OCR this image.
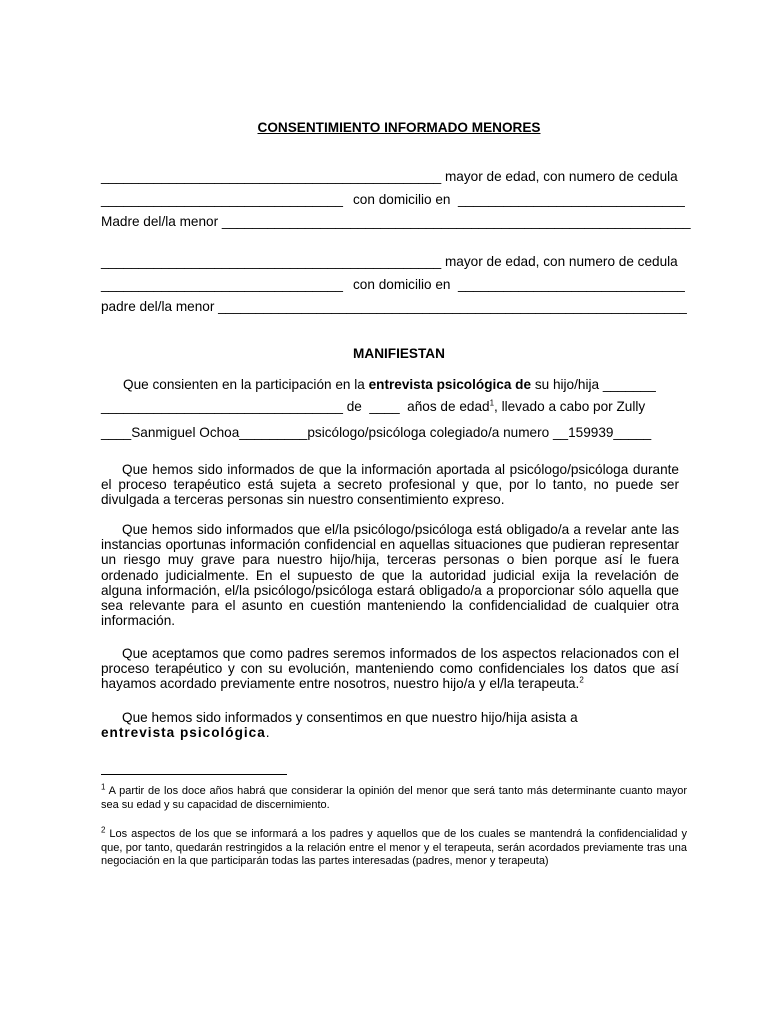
CONSENTIMIENTO INFORMADO MENORES
_____________________________________________ mayor de edad, con numero de cedula
________________________________ con domicilio en  ______________________________
Madre del/la menor ______________________________________________________________
_____________________________________________ mayor de edad, con numero de cedula
________________________________ con domicilio en  ______________________________
padre del/la menor ______________________________________________________________
MANIFIESTAN
Que consienten en la participación en la entrevista psicológica de su hijo/hija _______
________________________________ de  ____  años de edad$^1$, llevado a cabo por Zully
____Sanmiguel Ochoa_________psicólogo/psicóloga colegiado/a numero __159939_____
Que hemos sido informados de que la información aportada al psicólogo/psicóloga durante el proceso terapéutico está sujeta a secreto profesional y que, por lo tanto, no puede ser divulgada a terceras personas sin nuestro consentimiento expreso.
Que hemos sido informados que el/la psicólogo/psicóloga está obligado/a a revelar ante las instancias oportunas información confidencial en aquellas situaciones que pudieran representar un riesgo muy grave para nuestro hijo/hija, terceras personas o bien porque así le fuera ordenado judicialmente. En el supuesto de que la autoridad judicial exija la revelación de alguna información, el/la psicólogo/psicóloga estará obligado/a a proporcionar sólo aquella que sea relevante para el asunto en cuestión manteniendo la confidencialidad de cualquier otra información.
Que aceptamos que como padres seremos informados de los aspectos relacionados con el proceso terapéutico y con su evolución, manteniendo como confidenciales los datos que así hayamos acordado previamente entre nosotros, nuestro hijo/a y el/la terapeuta.$^2$
Que hemos sido informados y consentimos en que nuestro hijo/hija asista a
entrevista psicológica.
$^1$ A partir de los doce años habrá que considerar la opinión del menor que será tanto más determinante cuanto mayor sea su edad y su capacidad de discernimiento.
$^2$ Los aspectos de los que se informará a los padres y aquellos que de los cuales se mantendrá la confidencialidad y que, por tanto, quedarán restringidos a la relación entre el menor y el terapeuta, serán acordados previamente tras una negociación en la que participarán todas las partes interesadas (padres, menor y terapeuta)
